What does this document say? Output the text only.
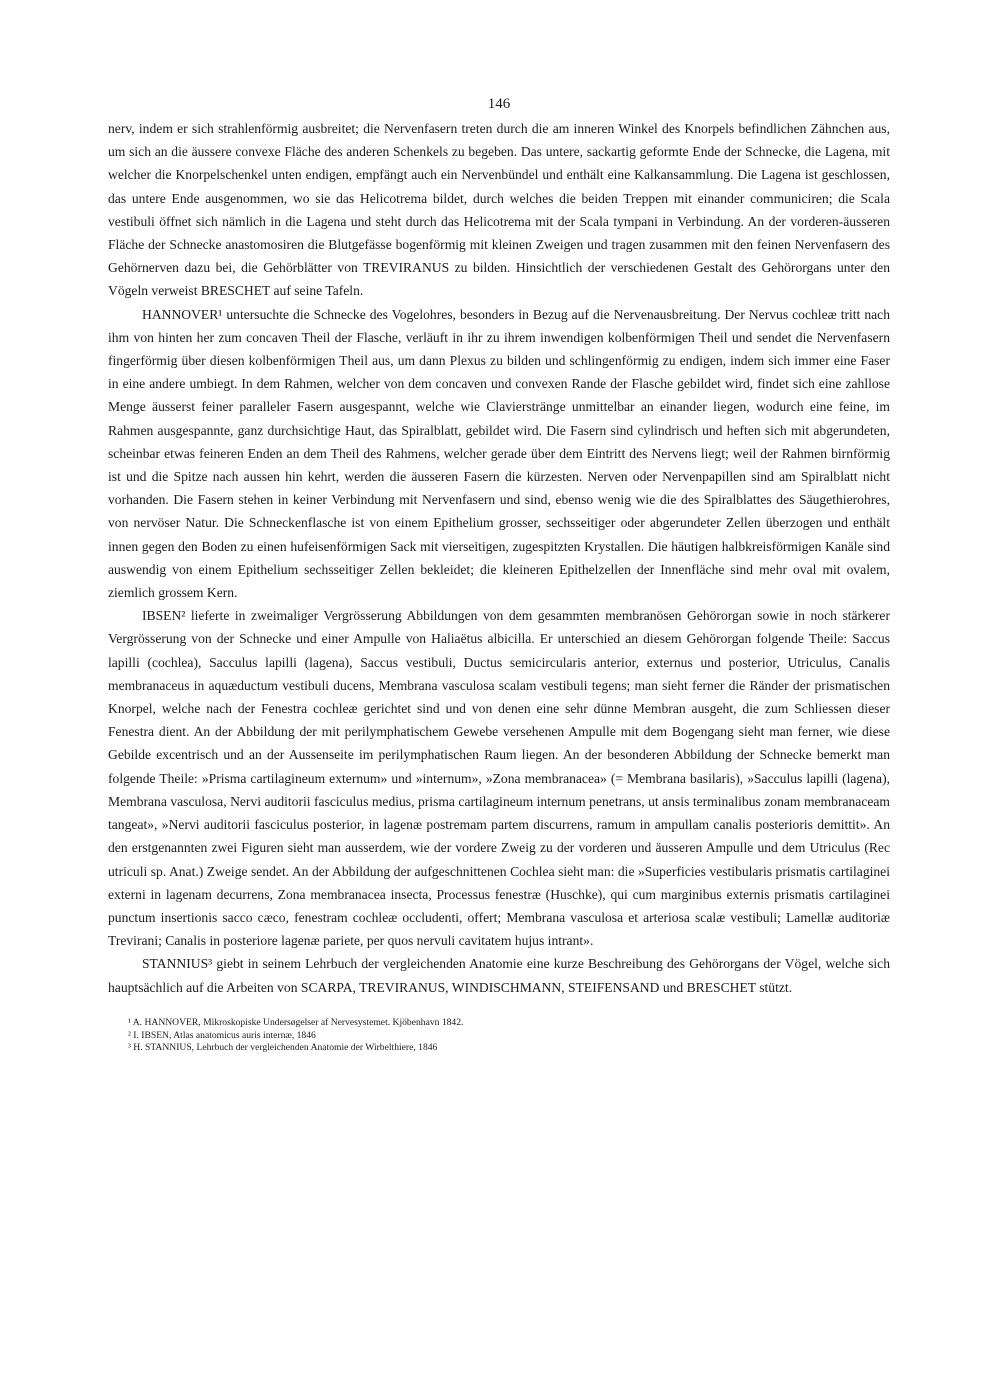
146

nerv, indem er sich strahlenförmig ausbreitet; die Nervenfasern treten durch die am inneren Winkel des Knorpels befindlichen Zähnchen aus, um sich an die äussere convexe Fläche des anderen Schenkels zu begeben. Das untere, sackartig geformte Ende der Schnecke, die Lagena, mit welcher die Knorpelschenkel unten endigen, empfängt auch ein Nervenbündel und enthält eine Kalkansammlung. Die Lagena ist geschlossen, das untere Ende ausgenommen, wo sie das Helicotrema bildet, durch welches die beiden Treppen mit einander communiciren; die Scala vestibuli öffnet sich nämlich in die Lagena und steht durch das Helicotrema mit der Scala tympani in Verbindung. An der vorderen-äusseren Fläche der Schnecke anastomosiren die Blutgefässe bogenförmig mit kleinen Zweigen und tragen zusammen mit den feinen Nervenfasern des Gehörnerven dazu bei, die Gehörblätter von TREVIRANUS zu bilden. Hinsichtlich der verschiedenen Gestalt des Gehörorgans unter den Vögeln verweist BRESCHET auf seine Tafeln.

HANNOVER¹ untersuchte die Schnecke des Vogelohres, besonders in Bezug auf die Nervenausbreitung. Der Nervus cochleæ tritt nach ihm von hinten her zum concaven Theil der Flasche, verläuft in ihr zu ihrem inwendigen kolbenförmigen Theil und sendet die Nervenfasern fingerförmig über diesen kolbenförmigen Theil aus, um dann Plexus zu bilden und schlingenförmig zu endigen, indem sich immer eine Faser in eine andere umbiegt. In dem Rahmen, welcher von dem concaven und convexen Rande der Flasche gebildet wird, findet sich eine zahllose Menge äusserst feiner paralleler Fasern ausgespannt, welche wie Claviersträngе unmittelbar an einander liegen, wodurch eine feine, im Rahmen ausgespannte, ganz durchsichtige Haut, das Spiralblatt, gebildet wird. Die Fasern sind cylindrisch und heften sich mit abgerundeten, scheinbar etwas feineren Enden an dem Theil des Rahmens, welcher gerade über dem Eintritt des Nervens liegt; weil der Rahmen birnförmig ist und die Spitze nach aussen hin kehrt, werden die äusseren Fasern die kürzesten. Nerven oder Nervenpapillen sind am Spiralblatt nicht vorhanden. Die Fasern stehen in keiner Verbindung mit Nervenfasern und sind, ebenso wenig wie die des Spiralblattes des Säugethierohres, von nervöser Natur. Die Schneckenflasche ist von einem Epithelium grosser, sechsseitiger oder abgerundeter Zellen überzogen und enthält innen gegen den Boden zu einen hufeisenförmigen Sack mit vierseitigen, zugespitzten Krystallen. Die häutigen halbkreisförmigen Kanäle sind auswendig von einem Epithelium sechsseitiger Zellen bekleidet; die kleineren Epithelzellen der Innenfläche sind mehr oval mit ovalem, ziemlich grossem Kern.

IBSEN² lieferte in zweimaliger Vergrösserung Abbildungen von dem gesammten membranösen Gehörorgan sowie in noch stärkerer Vergrösserung von der Schnecke und einer Ampulle von Haliaëtus albicilla. Er unterschied an diesem Gehörorgan folgende Theile: Saccus lapilli (cochlea), Sacculus lapilli (lagena), Saccus vestibuli, Ductus semicircularis anterior, externus und posterior, Utriculus, Canalis membranaceus in aquæductum vestibuli ducens, Membrana vasculosa scalam vestibuli tegens; man sieht ferner die Ränder der prismatischen Knorpel, welche nach der Fenestra cochleæ gerichtet sind und von denen eine sehr dünne Membran ausgeht, die zum Schliessen dieser Fenestra dient. An der Abbildung der mit perilymphatischem Gewebe versehenen Ampulle mit dem Bogengang sieht man ferner, wie diese Gebilde excentrisch und an der Aussenseite im perilymphatischen Raum liegen. An der besonderen Abbildung der Schnecke bemerkt man folgende Theile: »Prisma cartilagineum externum» und »internum», »Zona membranacea» (= Membrana basilaris), »Sacculus lapilli (lagena), Membrana vasculosa, Nervi auditorii fasciculus medius, prisma cartilagineum internum penetrans, ut ansis terminalibus zonam membranaceam tangeat», »Nervi auditorii fasciculus posterior, in lagenæ postremam partem discurrens, ramum in ampullam canalis posterioris demittit». An den erstgenannten zwei Figuren sieht man ausserdem, wie der vordere Zweig zu der vorderen und äusseren Ampulle und dem Utriculus (Rec utriculi sp. Anat.) Zweige sendet. An der Abbildung der aufgeschnittenen Cochlea sieht man: die »Superficies vestibularis prismatis cartilaginei externi in lagenam decurrens, Zona membranacea insecta, Processus fenestræ (Huschke), qui cum marginibus externis prismatis cartilaginei punctum insertionis sacco cæco, fenestram cochleæ occludenti, offert; Membrana vasculosa et arteriosa scalæ vestibuli; Lamellæ auditoriæ Treviranі; Canalis in posteriore lagenæ pariete, per quos nervuli cavitatem hujus intrant».

STANNIUS³ giebt in seinem Lehrbuch der vergleichenden Anatomie eine kurze Beschreibung des Gehörorgans der Vögel, welche sich hauptsächlich auf die Arbeiten von SCARPA, TREVIRANUS, WINDISCHMANN, STEIFENSAND und BRESCHET stützt.

¹ A. HANNOVER, Mikroskopiske Undersøgelser af Nervesystemet. Kjöbenhavn 1842.

² I. IBSEN, Atlas anatomicus auris internæ, 1846

³ H. STANNIUS, Lehrbuch der vergleichenden Anatomie der Wirbelthiere, 1846
